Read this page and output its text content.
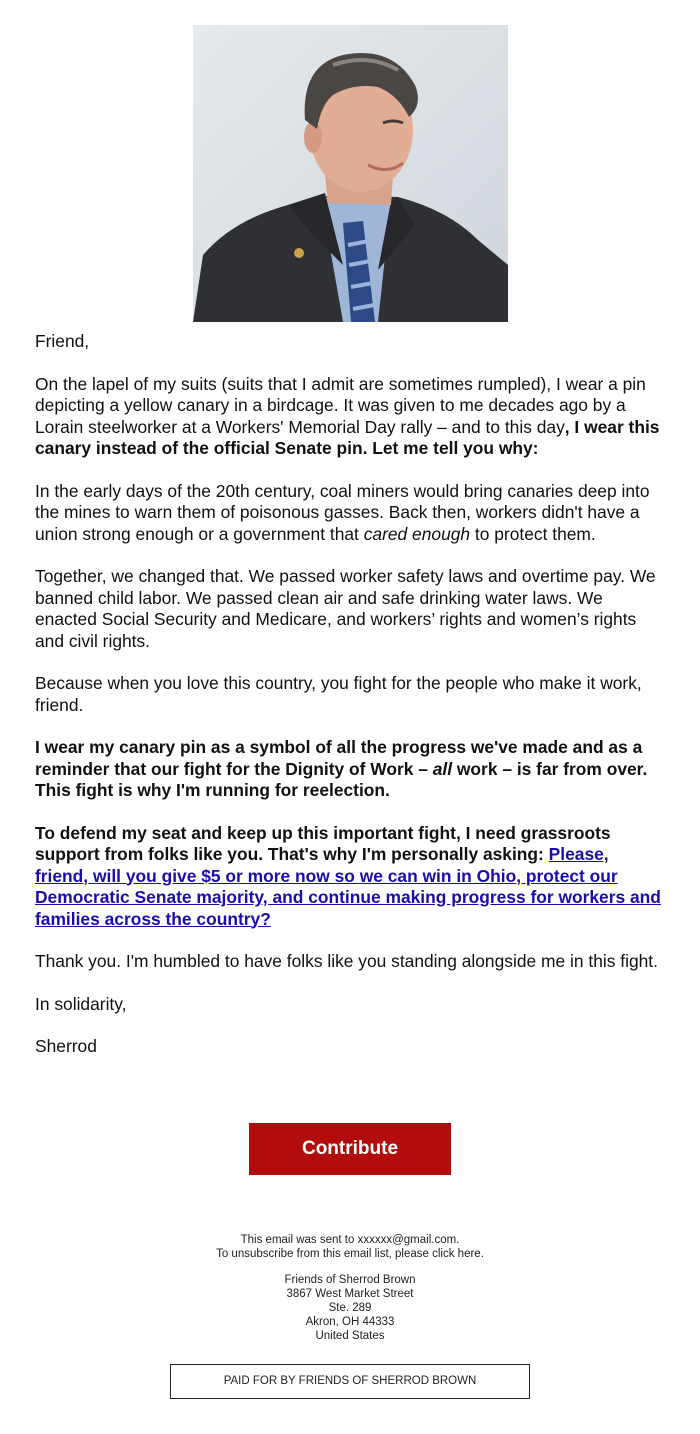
Friend,

On the lapel of my suits (suits that I admit are sometimes rumpled), I wear a pin depicting a yellow canary in a birdcage. It was given to me decades ago by a Lorain steelworker at a Workers' Memorial Day rally – and to this day, I wear this canary instead of the official Senate pin. Let me tell you why:

In the early days of the 20th century, coal miners would bring canaries deep into the mines to warn them of poisonous gasses. Back then, workers didn't have a union strong enough or a government that cared enough to protect them.

Together, we changed that. We passed worker safety laws and overtime pay. We banned child labor. We passed clean air and safe drinking water laws. We enacted Social Security and Medicare, and workers’ rights and women’s rights and civil rights.

Because when you love this country, you fight for the people who make it work, friend.

I wear my canary pin as a symbol of all the progress we've made and as a reminder that our fight for the Dignity of Work – all work – is far from over. This fight is why I'm running for reelection.

To defend my seat and keep up this important fight, I need grassroots support from folks like you. That's why I'm personally asking: Please, friend, will you give $5 or more now so we can win in Ohio, protect our Democratic Senate majority, and continue making progress for workers and families across the country?

Thank you. I'm humbled to have folks like you standing alongside me in this fight.

In solidarity,

Sherrod

Contribute
This email was sent to xxxxxx@gmail.com.
To unsubscribe from this email list, please click here.
Friends of Sherrod Brown
3867 West Market Street
Ste. 289
Akron, OH 44333
United States
PAID FOR BY FRIENDS OF SHERROD BROWN
